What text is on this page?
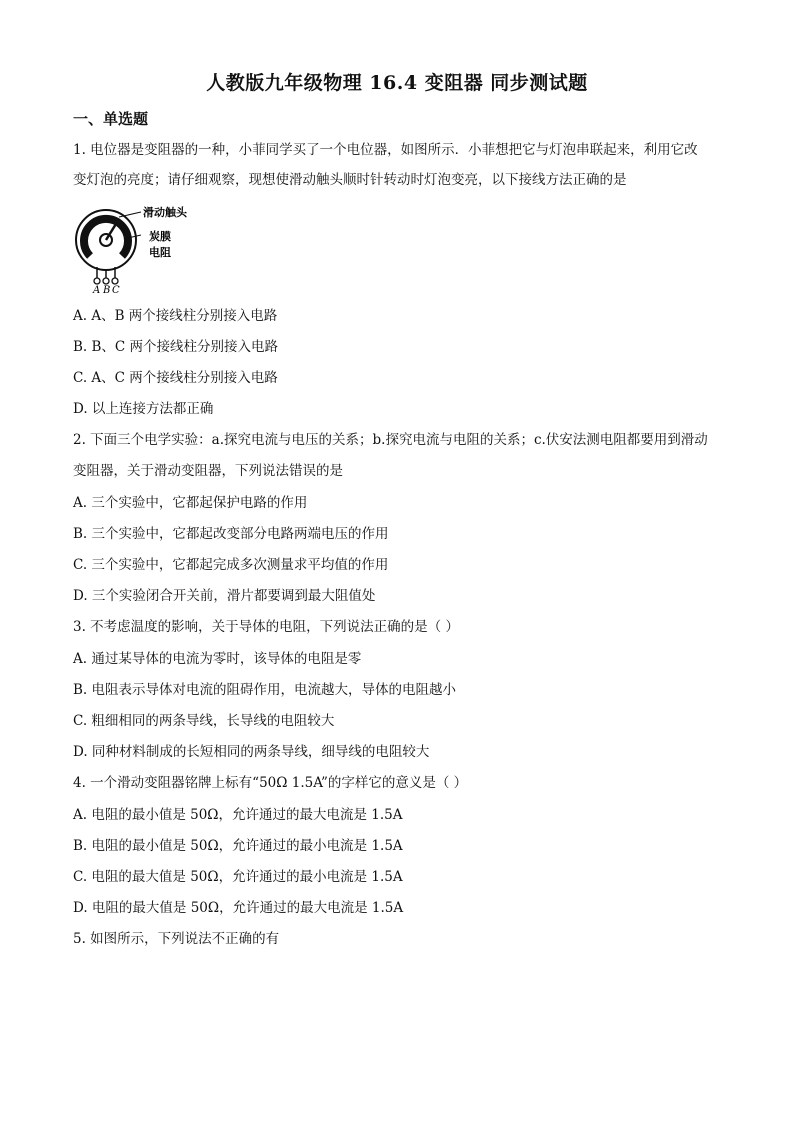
人教版九年级物理 16.4 变阻器 同步测试题
一、单选题
1. 电位器是变阻器的一种，小菲同学买了一个电位器，如图所示．小菲想把它与灯泡串联起来，利用它改
变灯泡的亮度；请仔细观察，现想使滑动触头顺时针转动时灯泡变亮，以下接线方法正确的是
滑动触头
炭膜
电阻
A B C
A. A、B 两个接线柱分别接入电路
B. B、C 两个接线柱分别接入电路
C. A、C 两个接线柱分别接入电路
D. 以上连接方法都正确
2. 下面三个电学实验：a.探究电流与电压的关系；b.探究电流与电阻的关系；c.伏安法测电阻都要用到滑动
变阻器，关于滑动变阻器，下列说法错误的是
A. 三个实验中，它都起保护电路的作用
B. 三个实验中，它都起改变部分电路两端电压的作用
C. 三个实验中，它都起完成多次测量求平均值的作用
D. 三个实验闭合开关前，滑片都要调到最大阻值处
3. 不考虑温度的影响，关于导体的电阻，下列说法正确的是（ ）
A. 通过某导体的电流为零时，该导体的电阻是零
B. 电阻表示导体对电流的阻碍作用，电流越大，导体的电阻越小
C. 粗细相同的两条导线，长导线的电阻较大
D. 同种材料制成的长短相同的两条导线，细导线的电阻较大
4. 一个滑动变阻器铭牌上标有“50Ω 1.5A”的字样它的意义是（ ）
A. 电阻的最小值是 50Ω，允许通过的最大电流是 1.5A
B. 电阻的最小值是 50Ω，允许通过的最小电流是 1.5A
C. 电阻的最大值是 50Ω，允许通过的最小电流是 1.5A
D. 电阻的最大值是 50Ω，允许通过的最大电流是 1.5A
5. 如图所示，下列说法不正确的有
